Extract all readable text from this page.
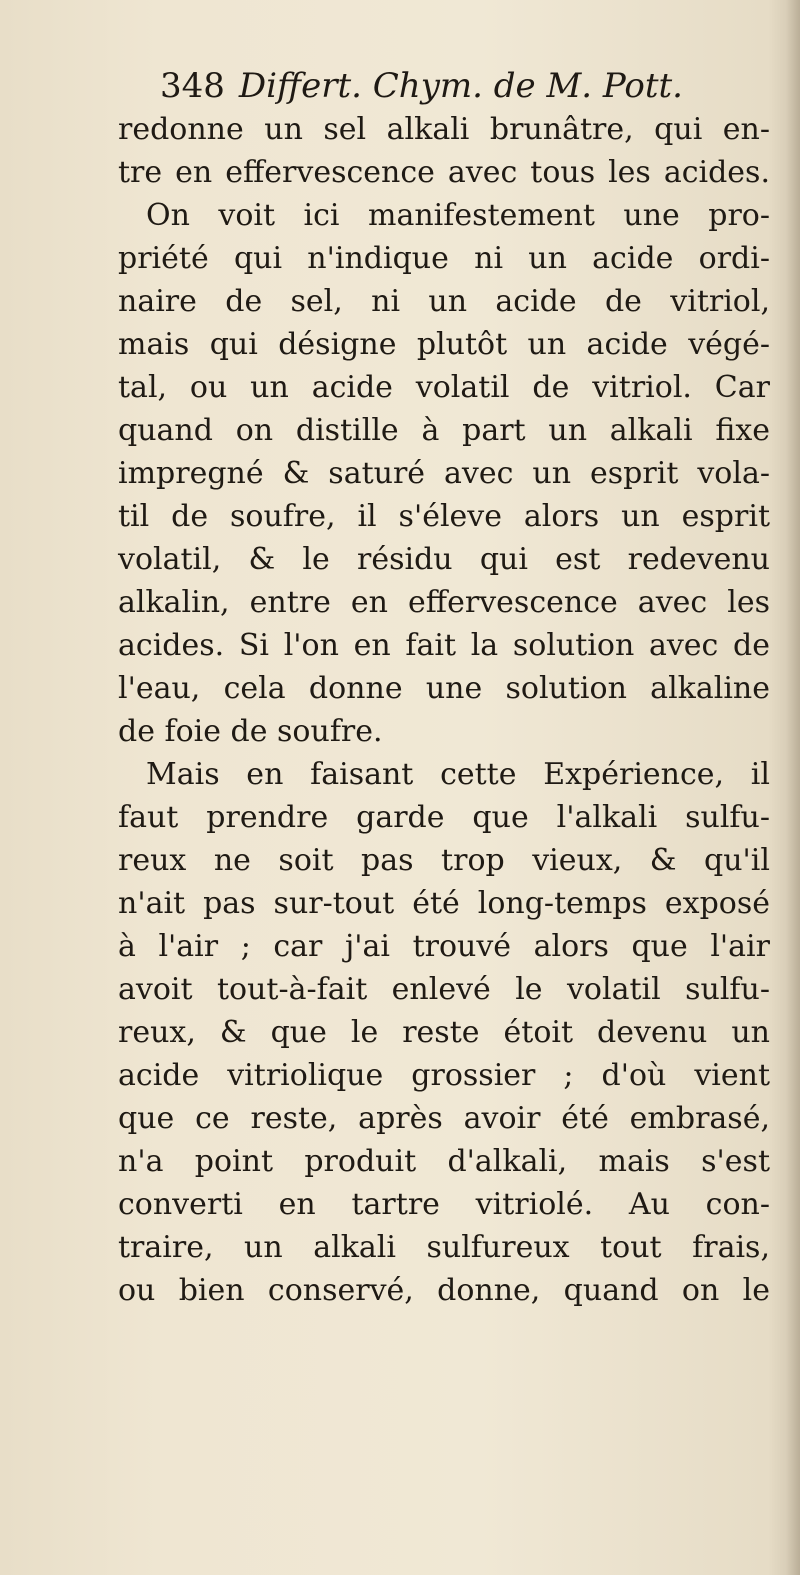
348 Differt. Chym. de M. Pott.
redonne un sel alkali brunâtre, qui en-
tre en effervescence avec tous les acides.
On voit ici manifestement une pro-
priété qui n'indique ni un acide ordi-
naire de sel, ni un acide de vitriol,
mais qui désigne plutôt un acide végé-
tal, ou un acide volatil de vitriol. Car
quand on distille à part un alkali fixe
impregné & saturé avec un esprit vola-
til de soufre, il s'éleve alors un esprit
volatil, & le résidu qui est redevenu
alkalin, entre en effervescence avec les
acides. Si l'on en fait la solution avec de
l'eau, cela donne une solution alkaline
de foie de soufre.
Mais en faisant cette Expérience, il
faut prendre garde que l'alkali sulfu-
reux ne soit pas trop vieux, & qu'il
n'ait pas sur-tout été long-temps exposé
à l'air ; car j'ai trouvé alors que l'air
avoit tout-à-fait enlevé le volatil sulfu-
reux, & que le reste étoit devenu un
acide vitriolique grossier ; d'où vient
que ce reste, après avoir été embrasé,
n'a point produit d'alkali, mais s'est
converti en tartre vitriolé. Au con-
traire, un alkali sulfureux tout frais,
ou bien conservé, donne, quand on le
